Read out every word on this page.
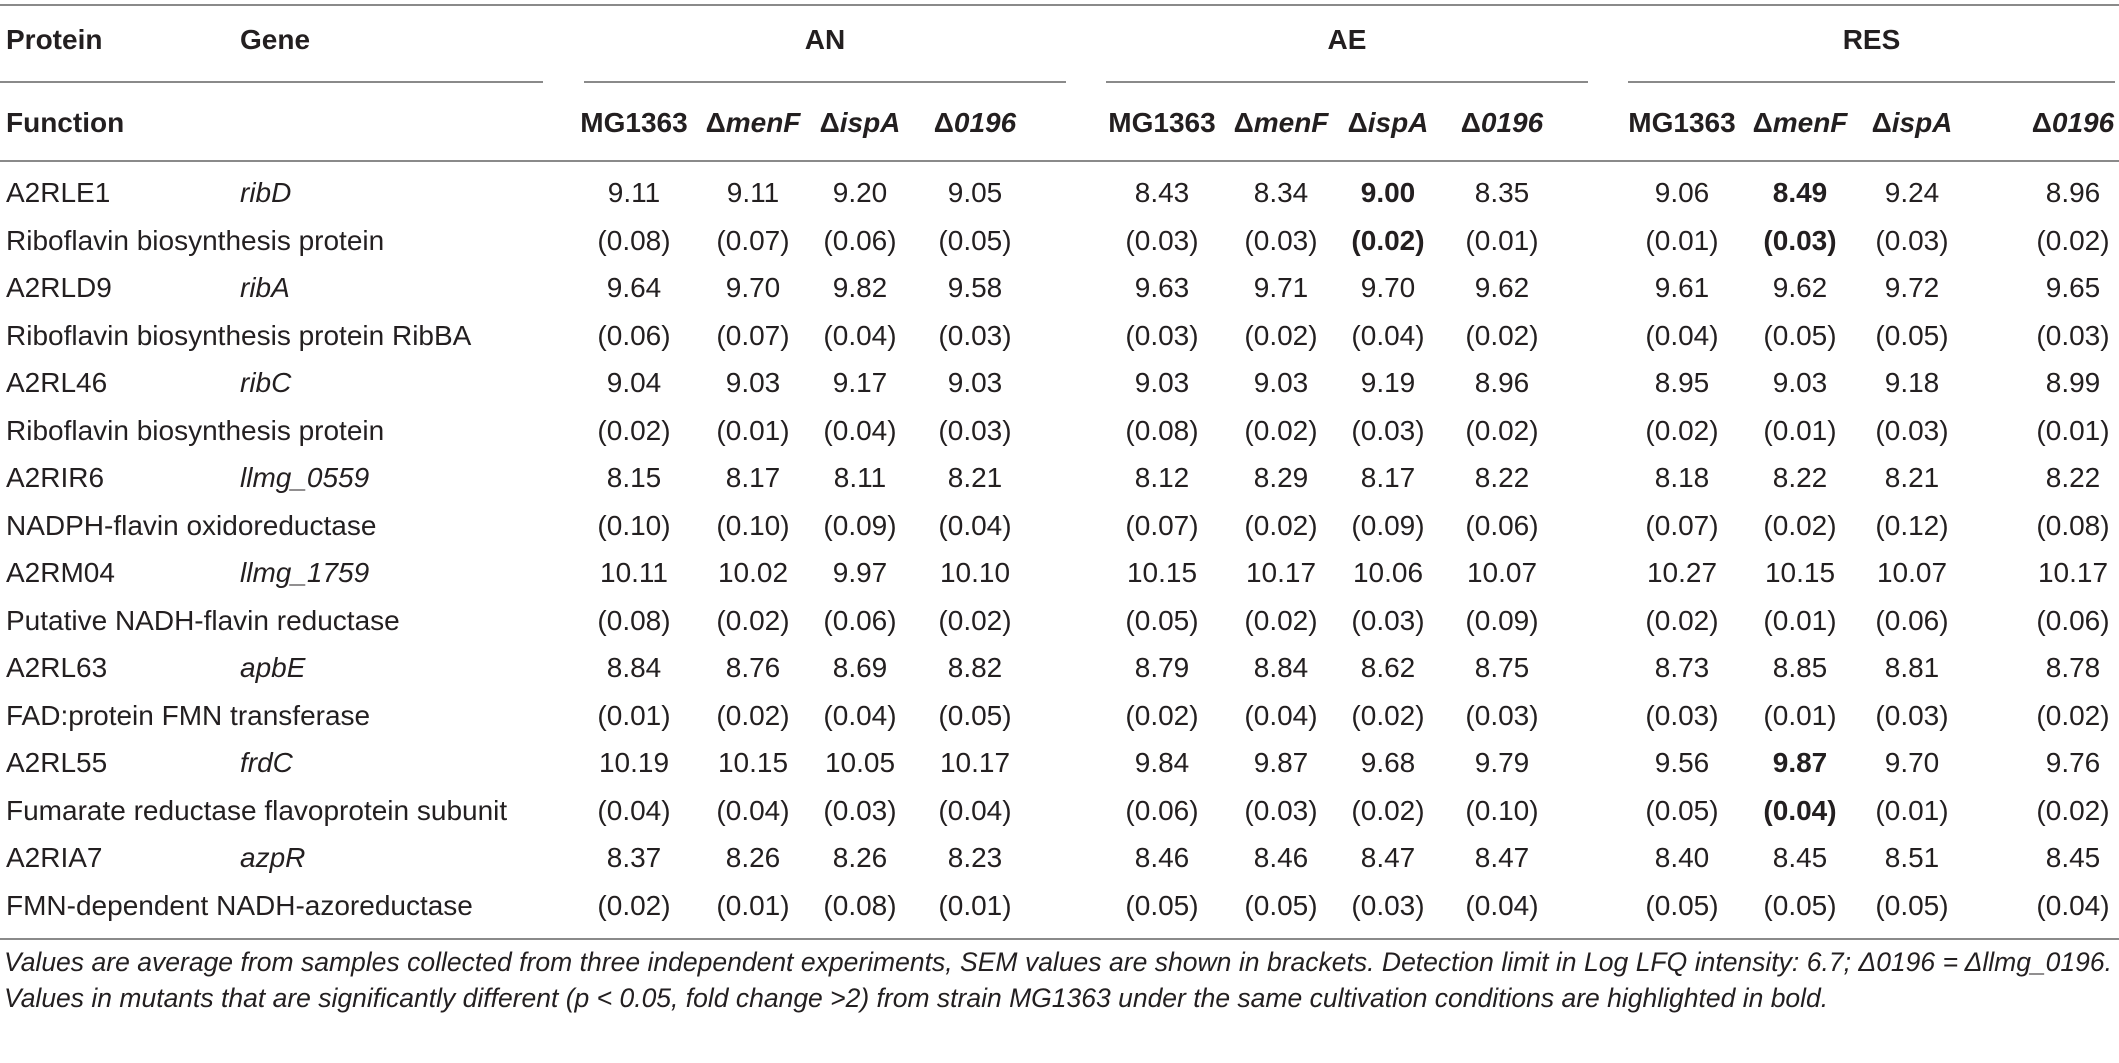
Protein	Gene	AN	AE	RES
Function	MG1363 ΔmenF ΔispA	Δ0196	MG1363 ΔmenF ΔispA	Δ0196	MG1363 ΔmenF ΔispA	Δ0196
A2RLE1	ribD
Riboflavin biosynthesis protein
9.11	9.11	9.20	9.05	8.43	8.34	9.00	8.35	9.06	8.49	9.24	8.96
(0.08)	(0.07)	(0.06)	(0.05)	(0.03)	(0.03)	(0.02)	(0.01)	(0.01)	(0.03)	(0.03)	(0.02)
A2RLD9	ribA
Riboflavin biosynthesis protein RibBA
9.64	9.70	9.82	9.58	9.63	9.71	9.70	9.62	9.61	9.62	9.72	9.65
(0.06)	(0.07)	(0.04)	(0.03)	(0.03)	(0.02)	(0.04)	(0.02)	(0.04)	(0.05)	(0.05)	(0.03)
A2RL46	ribC
Riboflavin biosynthesis protein
9.04	9.03	9.17	9.03	9.03	9.03	9.19	8.96	8.95	9.03	9.18	8.99
(0.02)	(0.01)	(0.04)	(0.03)	(0.08)	(0.02)	(0.03)	(0.02)	(0.02)	(0.01)	(0.03)	(0.01)
A2RIR6	llmg_0559
NADPH-flavin oxidoreductase
8.15	8.17	8.11	8.21	8.12	8.29	8.17	8.22	8.18	8.22	8.21	8.22
(0.10)	(0.10)	(0.09)	(0.04)	(0.07)	(0.02)	(0.09)	(0.06)	(0.07)	(0.02)	(0.12)	(0.08)
A2RM04	llmg_1759
Putative NADH-flavin reductase
10.11	10.02	9.97	10.10	10.15	10.17	10.06	10.07	10.27	10.15	10.07	10.17
(0.08)	(0.02)	(0.06)	(0.02)	(0.05)	(0.02)	(0.03)	(0.09)	(0.02)	(0.01)	(0.06)	(0.06)
A2RL63	apbE
FAD:protein FMN transferase
8.84	8.76	8.69	8.82	8.79	8.84	8.62	8.75	8.73	8.85	8.81	8.78
(0.01)	(0.02)	(0.04)	(0.05)	(0.02)	(0.04)	(0.02)	(0.03)	(0.03)	(0.01)	(0.03)	(0.02)
A2RL55	frdC
Fumarate reductase flavoprotein subunit
10.19	10.15	10.05	10.17	9.84	9.87	9.68	9.79	9.56	9.87	9.70	9.76
(0.04)	(0.04)	(0.03)	(0.04)	(0.06)	(0.03)	(0.02)	(0.10)	(0.05)	(0.04)	(0.01)	(0.02)
A2RIA7	azpR
FMN-dependent NADH-azoreductase
8.37	8.26	8.26	8.23	8.46	8.46	8.47	8.47	8.40	8.45	8.51	8.45
(0.02)	(0.01)	(0.08)	(0.01)	(0.05)	(0.05)	(0.03)	(0.04)	(0.05)	(0.05)	(0.05)	(0.04)
Values are average from samples collected from three independent experiments, SEM values are shown in brackets. Detection limit in Log LFQ intensity: 6.7; Δ0196 = Δllmg_0196. Values in mutants that are significantly different (p < 0.05, fold change >2) from strain MG1363 under the same cultivation conditions are highlighted in bold.
